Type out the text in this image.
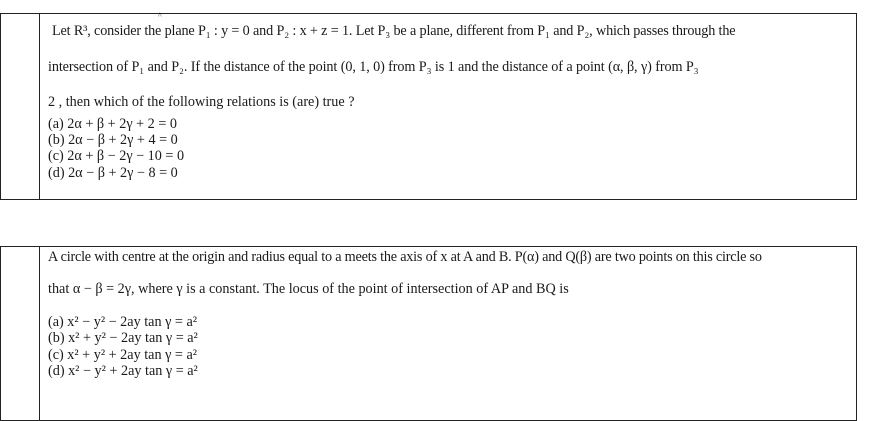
^
Let R³, consider the plane P₁ : y = 0 and P₂ : x + z = 1. Let P₃ be a plane, different from P₁ and P₂, which passes through the
intersection of P₁ and P₂. If the distance of the point (0, 1, 0) from P₃ is 1 and the distance of a point (α, β, γ) from P₃
2 , then which of the following relations is (are) true ?
(a) 2α + β + 2γ + 2 = 0
(b) 2α − β + 2γ + 4 = 0
(c) 2α + β − 2γ − 10 = 0
(d) 2α − β + 2γ − 8 = 0
A circle with centre at the origin and radius equal to a meets the axis of x at A and B. P(α) and Q(β) are two points on this circle so
that α − β = 2γ, where γ is a constant. The locus of the point of intersection of AP and BQ is
(a) x² − y² − 2ay tan γ = a²
(b) x² + y² − 2ay tan γ = a²
(c) x² + y² + 2ay tan γ = a²
(d) x² − y² + 2ay tan γ = a²
